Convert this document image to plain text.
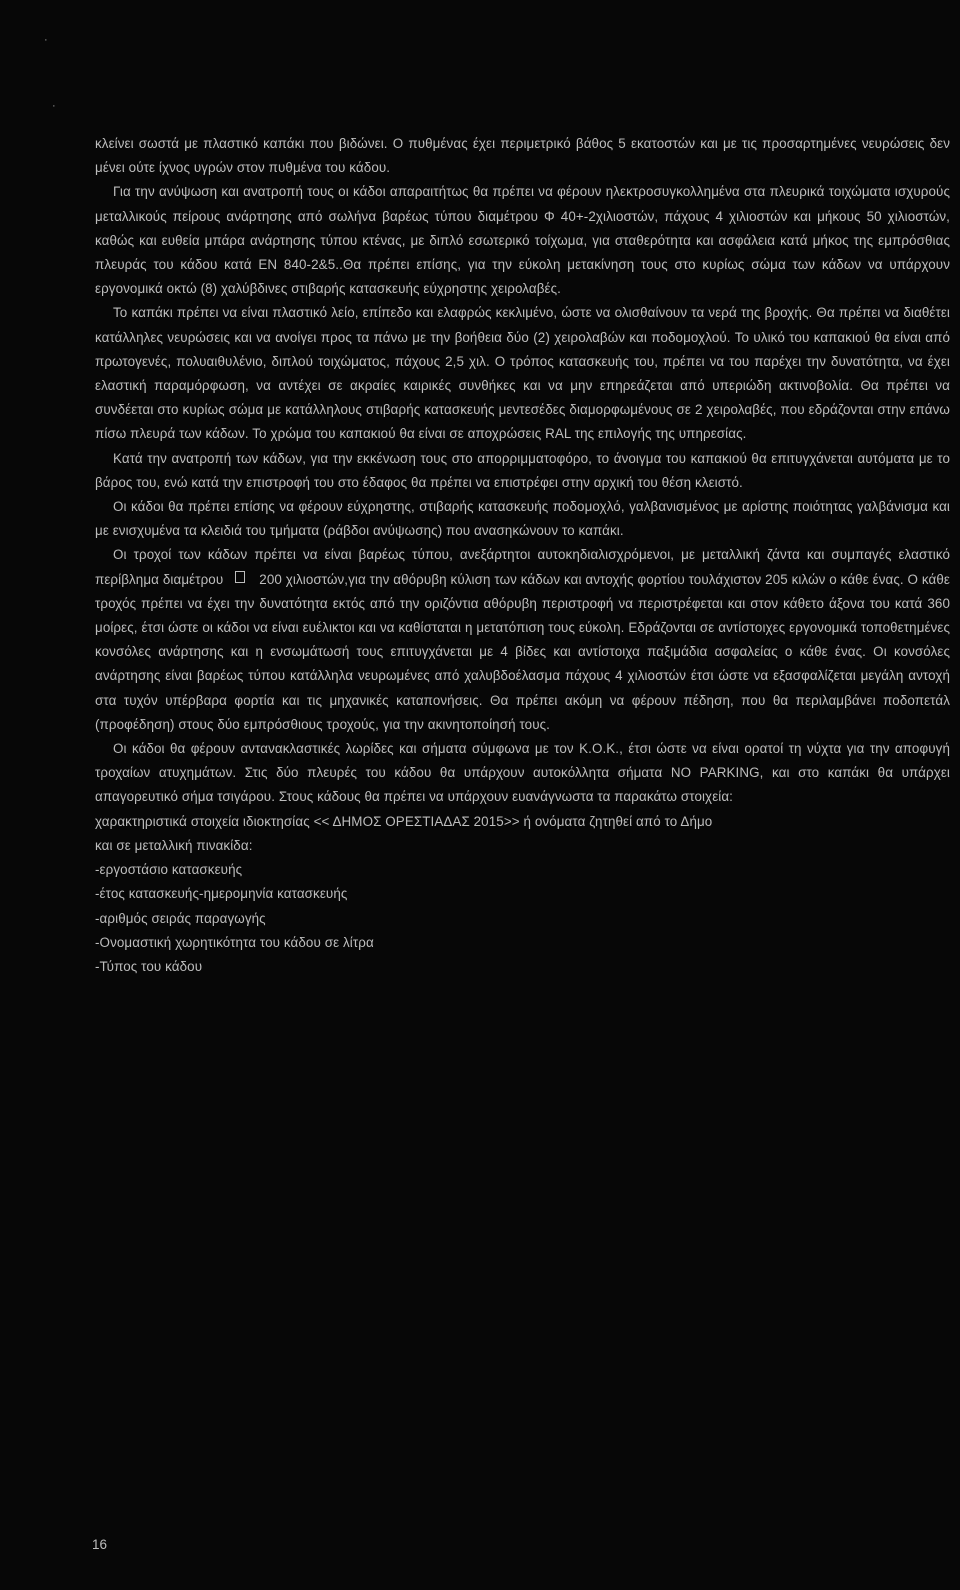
·
·

κλείνει σωστά με πλαστικό καπάκι που βιδώνει. Ο πυθμένας έχει περιμετρικό βάθος 5 εκατοστών και με τις προσαρτημένες νευρώσεις δεν μένει ούτε ίχνος υγρών στον πυθμένα του κάδου.

Για την ανύψωση και ανατροπή τους οι κάδοι απαραιτήτως θα πρέπει να φέρουν ηλεκτροσυγκολλημένα στα πλευρικά τοιχώματα ισχυρούς μεταλλικούς πείρους ανάρτησης από σωλήνα βαρέως τύπου διαμέτρου Φ 40+-2χιλιοστών, πάχους 4 χιλιοστών και μήκους 50 χιλιοστών, καθώς και ευθεία μπάρα ανάρτησης τύπου κτένας, με διπλό εσωτερικό τοίχωμα, για σταθερότητα και ασφάλεια κατά μήκος της εμπρόσθιας πλευράς του κάδου κατά ΕΝ 840-2&5..Θα πρέπει επίσης, για την εύκολη μετακίνηση τους στο κυρίως σώμα των κάδων να υπάρχουν εργονομικά οκτώ (8) χαλύβδινες στιβαρής κατασκευής εύχρηστης χειρολαβές.

Το καπάκι πρέπει να είναι πλαστικό λείο, επίπεδο και ελαφρώς κεκλιμένο, ώστε να ολισθαίνουν τα νερά της βροχής. Θα πρέπει να διαθέτει κατάλληλες νευρώσεις και να ανοίγει προς τα πάνω με την βοήθεια δύο (2) χειρολαβών και ποδομοχλού. Το υλικό του καπακιού θα είναι από πρωτογενές, πολυαιθυλένιο, διπλού τοιχώματος, πάχους 2,5 χιλ. Ο τρόπος κατασκευής του, πρέπει να του παρέχει την δυνατότητα, να έχει ελαστική παραμόρφωση, να αντέχει σε ακραίες καιρικές συνθήκες και να μην επηρεάζεται από υπεριώδη ακτινοβολία. Θα πρέπει να συνδέεται στο κυρίως σώμα με κατάλληλους στιβαρής κατασκευής μεντεσέδες διαμορφωμένους σε 2 χειρολαβές, που εδράζονται στην επάνω πίσω πλευρά των κάδων. Το χρώμα του καπακιού θα είναι σε αποχρώσεις RAL της επιλογής της υπηρεσίας.

Κατά την ανατροπή των κάδων, για την εκκένωση τους στο απορριμματοφόρο, το άνοιγμα του καπακιού θα επιτυγχάνεται αυτόματα με το βάρος του, ενώ κατά την επιστροφή του στο έδαφος θα πρέπει να επιστρέφει στην αρχική του θέση κλειστό.

Οι κάδοι θα πρέπει επίσης να φέρουν εύχρηστης, στιβαρής κατασκευής ποδομοχλό, γαλβανισμένος με αρίστης ποιότητας γαλβάνισμα και με ενισχυμένα τα κλειδιά του τμήματα (ράβδοι ανύψωσης) που ανασηκώνουν το καπάκι.

Οι τροχοί των κάδων πρέπει να είναι βαρέως τύπου, ανεξάρτητοι αυτοκηδιαλισχρόμενοι, με μεταλλική ζάντα και συμπαγές ελαστικό περίβλημα διαμέτρου	200 χιλιοστών,για την αθόρυβη κύλιση των κάδων και αντοχής φορτίου τουλάχιστον 205 κιλών ο κάθε ένας. Ο κάθε τροχός πρέπει να έχει την δυνατότητα εκτός από την οριζόντια αθόρυβη περιστροφή να περιστρέφεται και στον κάθετο άξονα του κατά 360 μοίρες, έτσι ώστε οι κάδοι να είναι ευέλικτοι και να καθίσταται η μετατόπιση τους εύκολη. Εδράζονται σε αντίστοιχες εργονομικά τοποθετημένες κονσόλες ανάρτησης και η ενσωμάτωσή τους επιτυγχάνεται με 4 βίδες και αντίστοιχα παξιμάδια ασφαλείας ο κάθε ένας. Οι κονσόλες ανάρτησης είναι βαρέως τύπου κατάλληλα νευρωμένες από χαλυβδοέλασμα πάχους 4 χιλιοστών έτσι ώστε να εξασφαλίζεται μεγάλη αντοχή στα τυχόν υπέρβαρα φορτία και τις μηχανικές καταπονήσεις. Θα πρέπει ακόμη να φέρουν πέδηση, που θα περιλαμβάνει ποδοπετάλ (προφέδηση) στους δύο εμπρόσθιους τροχούς, για την ακινητοποίησή τους.

Οι κάδοι θα φέρουν αντανακλαστικές λωρίδες και σήματα σύμφωνα με τον Κ.Ο.Κ., έτσι ώστε να είναι ορατοί τη νύχτα για την αποφυγή τροχαίων ατυχημάτων. Στις δύο πλευρές του κάδου θα υπάρχουν αυτοκόλλητα σήματα NO PARKING, και στο καπάκι θα υπάρχει απαγορευτικό σήμα τσιγάρου. Στους κάδους θα πρέπει να υπάρχουν ευανάγνωστα τα παρακάτω στοιχεία:

χαρακτηριστικά στοιχεία ιδιοκτησίας << ΔΗΜΟΣ ΟΡΕΣΤΙΑΔΑΣ 2015>> ή ονόματα ζητηθεί από το Δήμο

και σε μεταλλική πινακίδα:

-εργοστάσιο κατασκευής
-έτος κατασκευής-ημερομηνία κατασκευής
-αριθμός σειράς παραγωγής
-Ονομαστική χωρητικότητα του κάδου σε λίτρα
-Τύπος του κάδου
16
